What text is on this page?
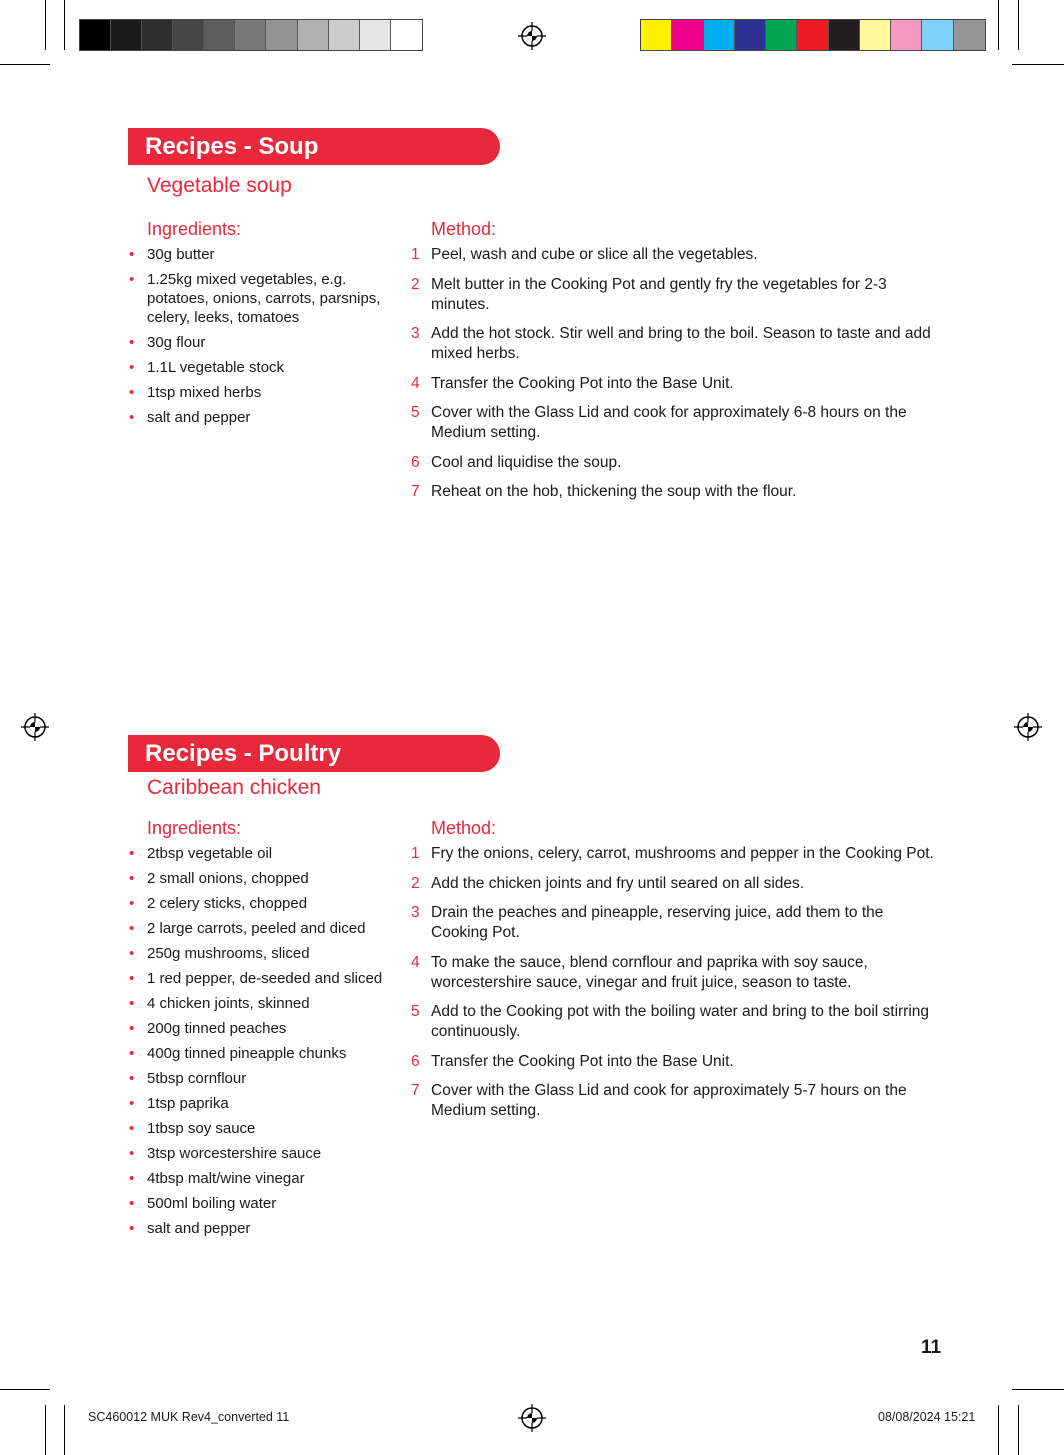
Recipes - Soup
Vegetable soup
Ingredients:	Method:
• 30g butter
• 1.25kg mixed vegetables, e.g. potatoes, onions, carrots, parsnips, celery, leeks, tomatoes
• 30g flour
• 1.1L vegetable stock
• 1tsp mixed herbs
• salt and pepper
1 Peel, wash and cube or slice all the vegetables.
2 Melt butter in the Cooking Pot and gently fry the vegetables for 2-3 minutes.
3 Add the hot stock. Stir well and bring to the boil. Season to taste and add mixed herbs.
4 Transfer the Cooking Pot into the Base Unit.
5 Cover with the Glass Lid and cook for approximately 6-8 hours on the Medium setting.
6 Cool and liquidise the soup.
7 Reheat on the hob, thickening the soup with the flour.
Recipes - Poultry
Caribbean chicken
Ingredients:	Method:
• 2tbsp vegetable oil
• 2 small onions, chopped
• 2 celery sticks, chopped
• 2 large carrots, peeled and diced
• 250g mushrooms, sliced
• 1 red pepper, de-seeded and sliced
• 4 chicken joints, skinned
• 200g tinned peaches
• 400g tinned pineapple chunks
• 5tbsp cornflour
• 1tsp paprika
• 1tbsp soy sauce
• 3tsp worcestershire sauce
• 4tbsp malt/wine vinegar
• 500ml boiling water
• salt and pepper
1 Fry the onions, celery, carrot, mushrooms and pepper in the Cooking Pot.
2 Add the chicken joints and fry until seared on all sides.
3 Drain the peaches and pineapple, reserving juice, add them to the Cooking Pot.
4 To make the sauce, blend cornflour and paprika with soy sauce, worcestershire sauce, vinegar and fruit juice, season to taste.
5 Add to the Cooking pot with the boiling water and bring to the boil stirring continuously.
6 Transfer the Cooking Pot into the Base Unit.
7 Cover with the Glass Lid and cook for approximately 5-7 hours on the Medium setting.
11
SC460012 MUK Rev4_converted 11	08/08/2024 15:21
